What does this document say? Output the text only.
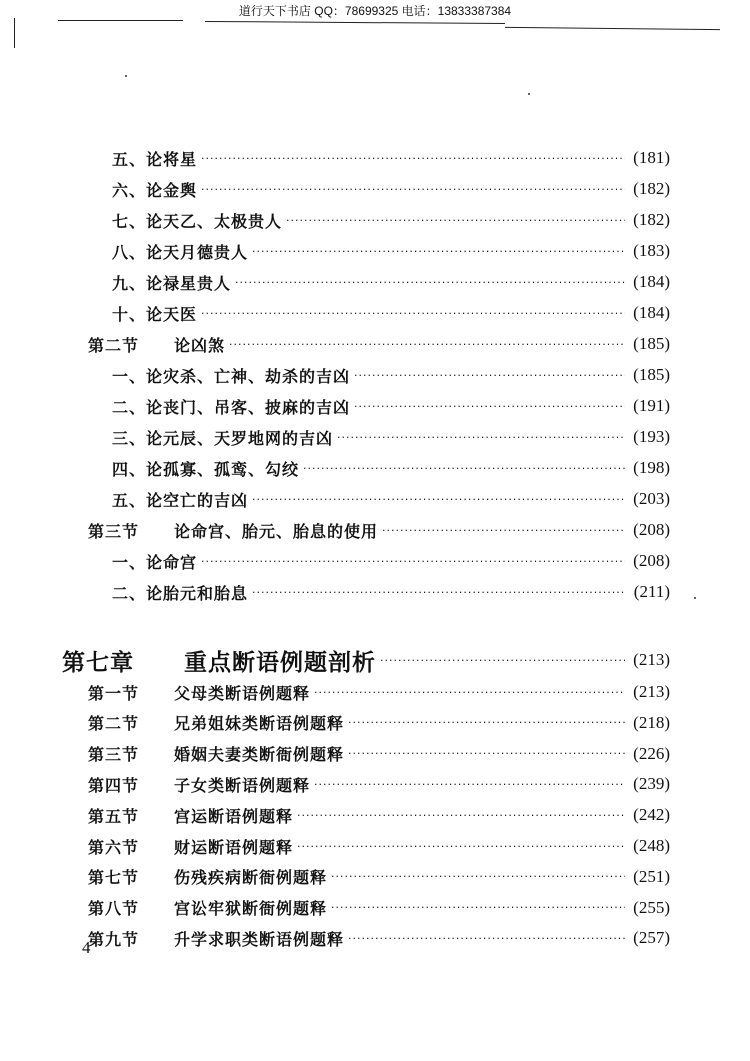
道行天下书店 QQ：78699325 电话：13833387384
五、论将星 ·····	(181)
六、论金舆 ·····	(182)
七、论天乙、太极贵人 ·····	(182)
八、论天月德贵人 ·····	(183)
九、论禄星贵人 ·····	(184)
十、论天医 ·····	(184)
第二节 论凶煞 ·····	(185)
一、论灾杀、亡神、劫杀的吉凶 ·····	(185)
二、论丧门、吊客、披麻的吉凶 ·····	(191)
三、论元辰、天罗地网的吉凶 ·····	(193)
四、论孤寡、孤鸾、勾绞 ·····	(198)
五、论空亡的吉凶 ·····	(203)
第三节 论命宫、胎元、胎息的使用 ·····	(208)
一、论命宫 ·····	(208)
二、论胎元和胎息 ·····	(211)
第七章 重点断语例题剖析 ·····	(213)
第一节 父母类断语例题释 ·····	(213)
第二节 兄弟姐妹类断语例题释 ·····	(218)
第三节 婚姻夫妻类断衙例题释 ·····	(226)
第四节 子女类断语例题释 ·····	(239)
第五节 宫运断语例题释 ·····	(242)
第六节 财运断语例题释 ·····	(248)
第七节 伤残疾病断衙例题释 ·····	(251)
第八节 宫讼牢狱断衙例题释 ·····	(255)
第九节 升学求职类断语例题释 ·····	(257)
4
